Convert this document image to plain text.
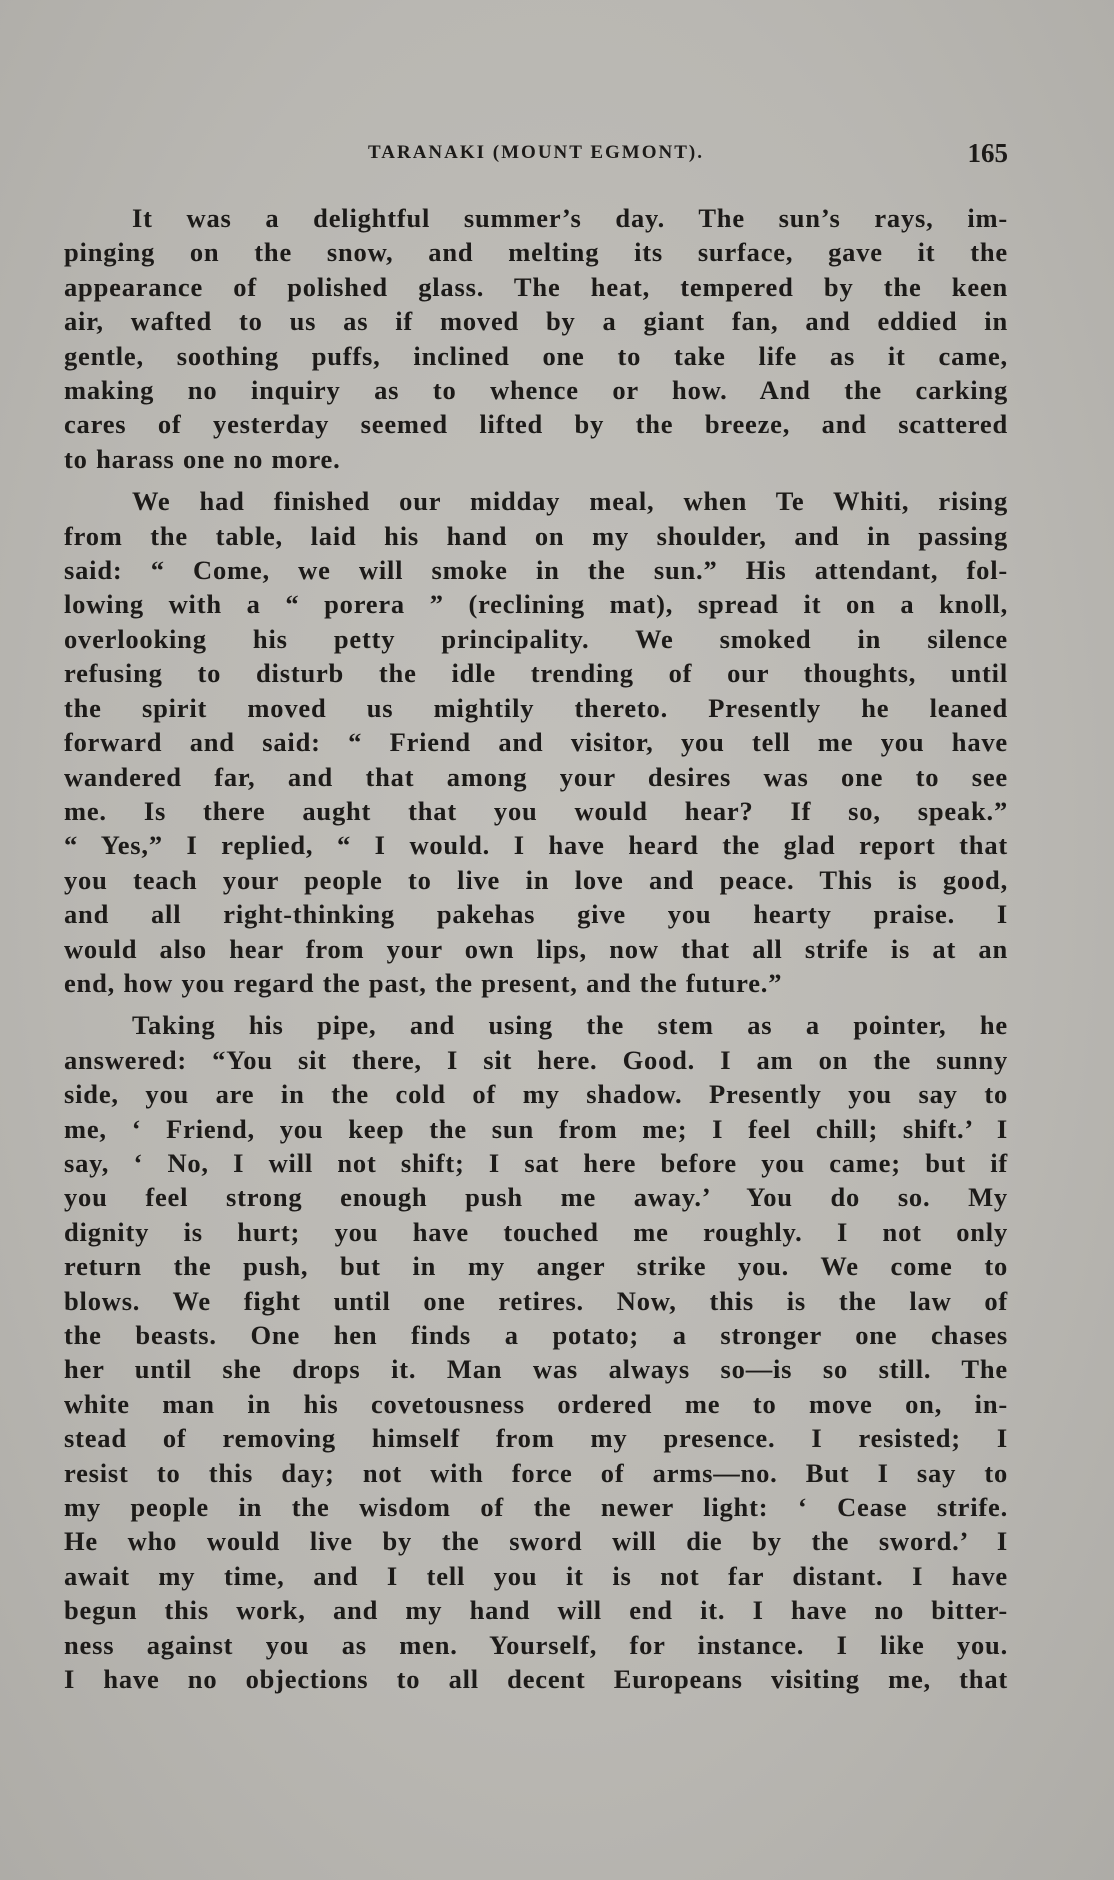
TARANAKI (MOUNT EGMONT).	165

It was a delightful summer’s day. The sun’s rays, im-
pinging on the snow, and melting its surface, gave it the
appearance of polished glass. The heat, tempered by the keen
air, wafted to us as if moved by a giant fan, and eddied in
gentle, soothing puffs, inclined one to take life as it came,
making no inquiry as to whence or how. And the carking
cares of yesterday seemed lifted by the breeze, and scattered
to harass one no more.

We had finished our midday meal, when Te Whiti, rising
from the table, laid his hand on my shoulder, and in passing
said: “ Come, we will smoke in the sun.” His attendant, fol-
lowing with a “ porera ” (reclining mat), spread it on a knoll,
overlooking his petty principality. We smoked in silence
refusing to disturb the idle trending of our thoughts, until
the spirit moved us mightily thereto. Presently he leaned
forward and said: “ Friend and visitor, you tell me you have
wandered far, and that among your desires was one to see
me. Is there aught that you would hear? If so, speak.”
“ Yes,” I replied, “ I would. I have heard the glad report that
you teach your people to live in love and peace. This is good,
and all right-thinking pakehas give you hearty praise. I
would also hear from your own lips, now that all strife is at an
end, how you regard the past, the present, and the future.”

Taking his pipe, and using the stem as a pointer, he
answered: “You sit there, I sit here. Good. I am on the sunny
side, you are in the cold of my shadow. Presently you say to
me, ‘ Friend, you keep the sun from me; I feel chill; shift.’ I
say, ‘ No, I will not shift; I sat here before you came; but if
you feel strong enough push me away.’ You do so. My
dignity is hurt; you have touched me roughly. I not only
return the push, but in my anger strike you. We come to
blows. We fight until one retires. Now, this is the law of
the beasts. One hen finds a potato; a stronger one chases
her until she drops it. Man was always so—is so still. The
white man in his covetousness ordered me to move on, in-
stead of removing himself from my presence. I resisted; I
resist to this day; not with force of arms—no. But I say to
my people in the wisdom of the newer light: ‘ Cease strife.
He who would live by the sword will die by the sword.’ I
await my time, and I tell you it is not far distant. I have
begun this work, and my hand will end it. I have no bitter-
ness against you as men. Yourself, for instance. I like you.
I have no objections to all decent Europeans visiting me, that
